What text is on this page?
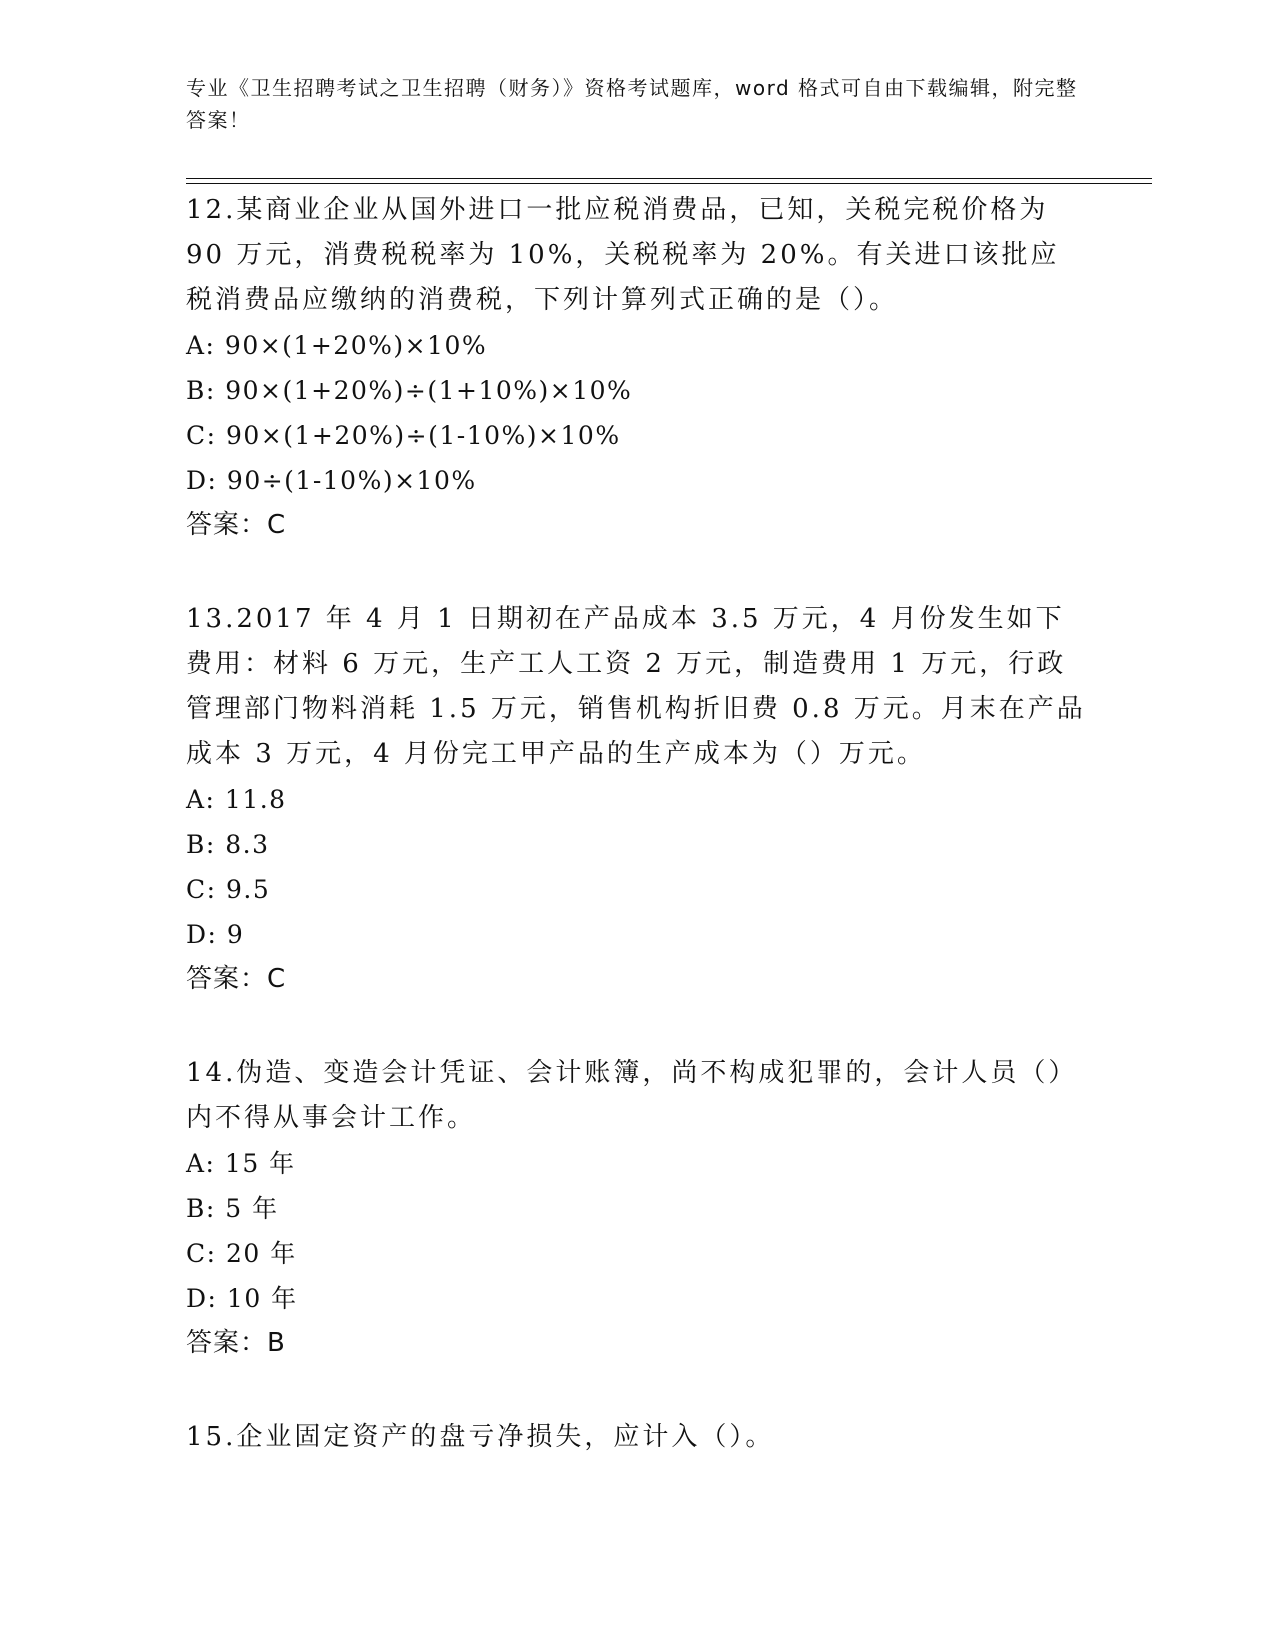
专业《卫生招聘考试之卫生招聘（财务）》资格考试题库，word 格式可自由下载编辑，附完整答案！

12.某商业企业从国外进口一批应税消费品，已知，关税完税价格为 90 万元，消费税税率为 10%，关税税率为 20%。有关进口该批应税消费品应缴纳的消费税，下列计算列式正确的是（）。

A: 90×(1+20%)×10%
B: 90×(1+20%)÷(1+10%)×10%
C: 90×(1+20%)÷(1-10%)×10%
D: 90÷(1-10%)×10%
答案：C

13.2017 年 4 月 1 日期初在产品成本 3.5 万元，4 月份发生如下费用：材料 6 万元，生产工人工资 2 万元，制造费用 1 万元，行政管理部门物料消耗 1.5 万元，销售机构折旧费 0.8 万元。月末在产品成本 3 万元，4 月份完工甲产品的生产成本为（）万元。

A: 11.8
B: 8.3
C: 9.5
D: 9
答案：C

14.伪造、变造会计凭证、会计账簿，尚不构成犯罪的，会计人员（）内不得从事会计工作。

A: 15 年
B: 5 年
C: 20 年
D: 10 年
答案：B

15.企业固定资产的盘亏净损失，应计入（）。
